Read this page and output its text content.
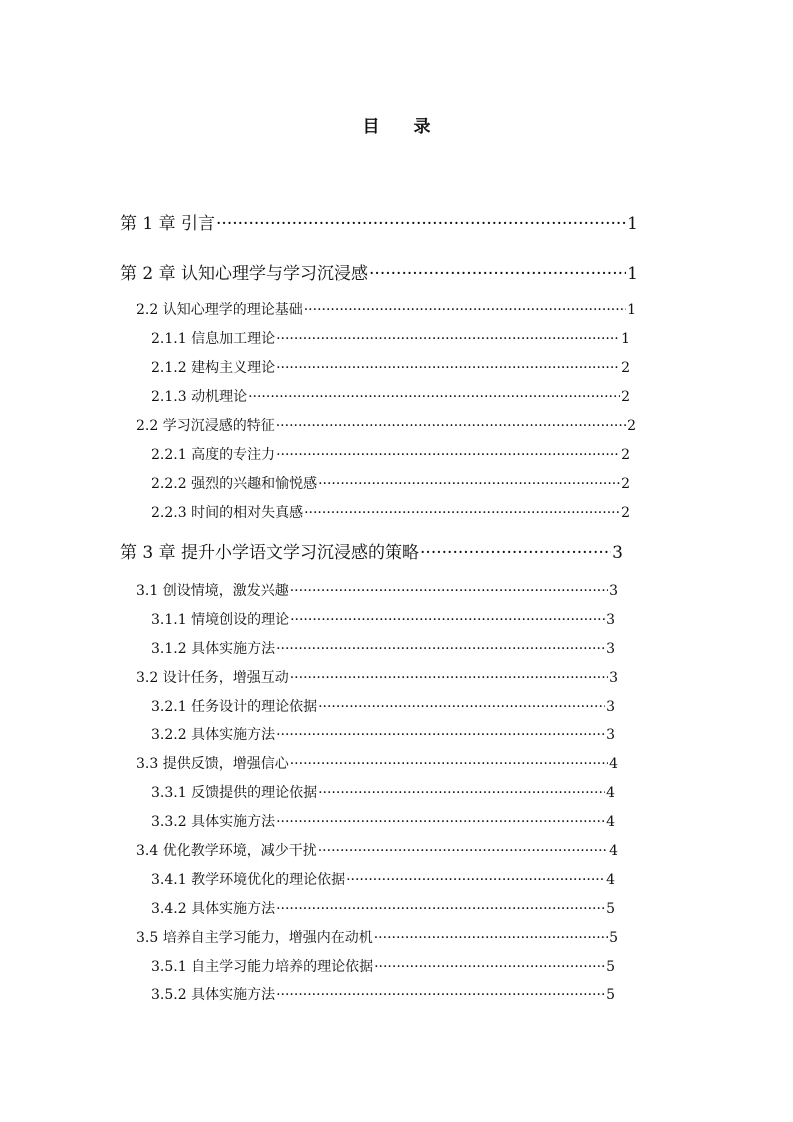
目 录
第 1 章 引言 ·····	1
第 2 章 认知心理学与学习沉浸感 ·····	1
2.2 认知心理学的理论基础 ·····	1
2.1.1 信息加工理论 ·····	1
2.1.2 建构主义理论 ·····	2
2.1.3 动机理论 ·····	2
2.2 学习沉浸感的特征 ·····	2
2.2.1 高度的专注力 ·····	2
2.2.2 强烈的兴趣和愉悦感 ·····	2
2.2.3 时间的相对失真感 ·····	2
第 3 章 提升小学语文学习沉浸感的策略 ·····	3
3.1 创设情境，激发兴趣 ·····	3
3.1.1 情境创设的理论 ·····	3
3.1.2 具体实施方法 ·····	3
3.2 设计任务，增强互动 ·····	3
3.2.1 任务设计的理论依据 ·····	3
3.2.2 具体实施方法 ·····	3
3.3 提供反馈，增强信心 ·····	4
3.3.1 反馈提供的理论依据 ·····	4
3.3.2 具体实施方法 ·····	4
3.4 优化教学环境，减少干扰 ·····	4
3.4.1 教学环境优化的理论依据 ·····	4
3.4.2 具体实施方法 ·····	5
3.5 培养自主学习能力，增强内在动机 ·····	5
3.5.1 自主学习能力培养的理论依据 ·····	5
3.5.2 具体实施方法 ·····	5
